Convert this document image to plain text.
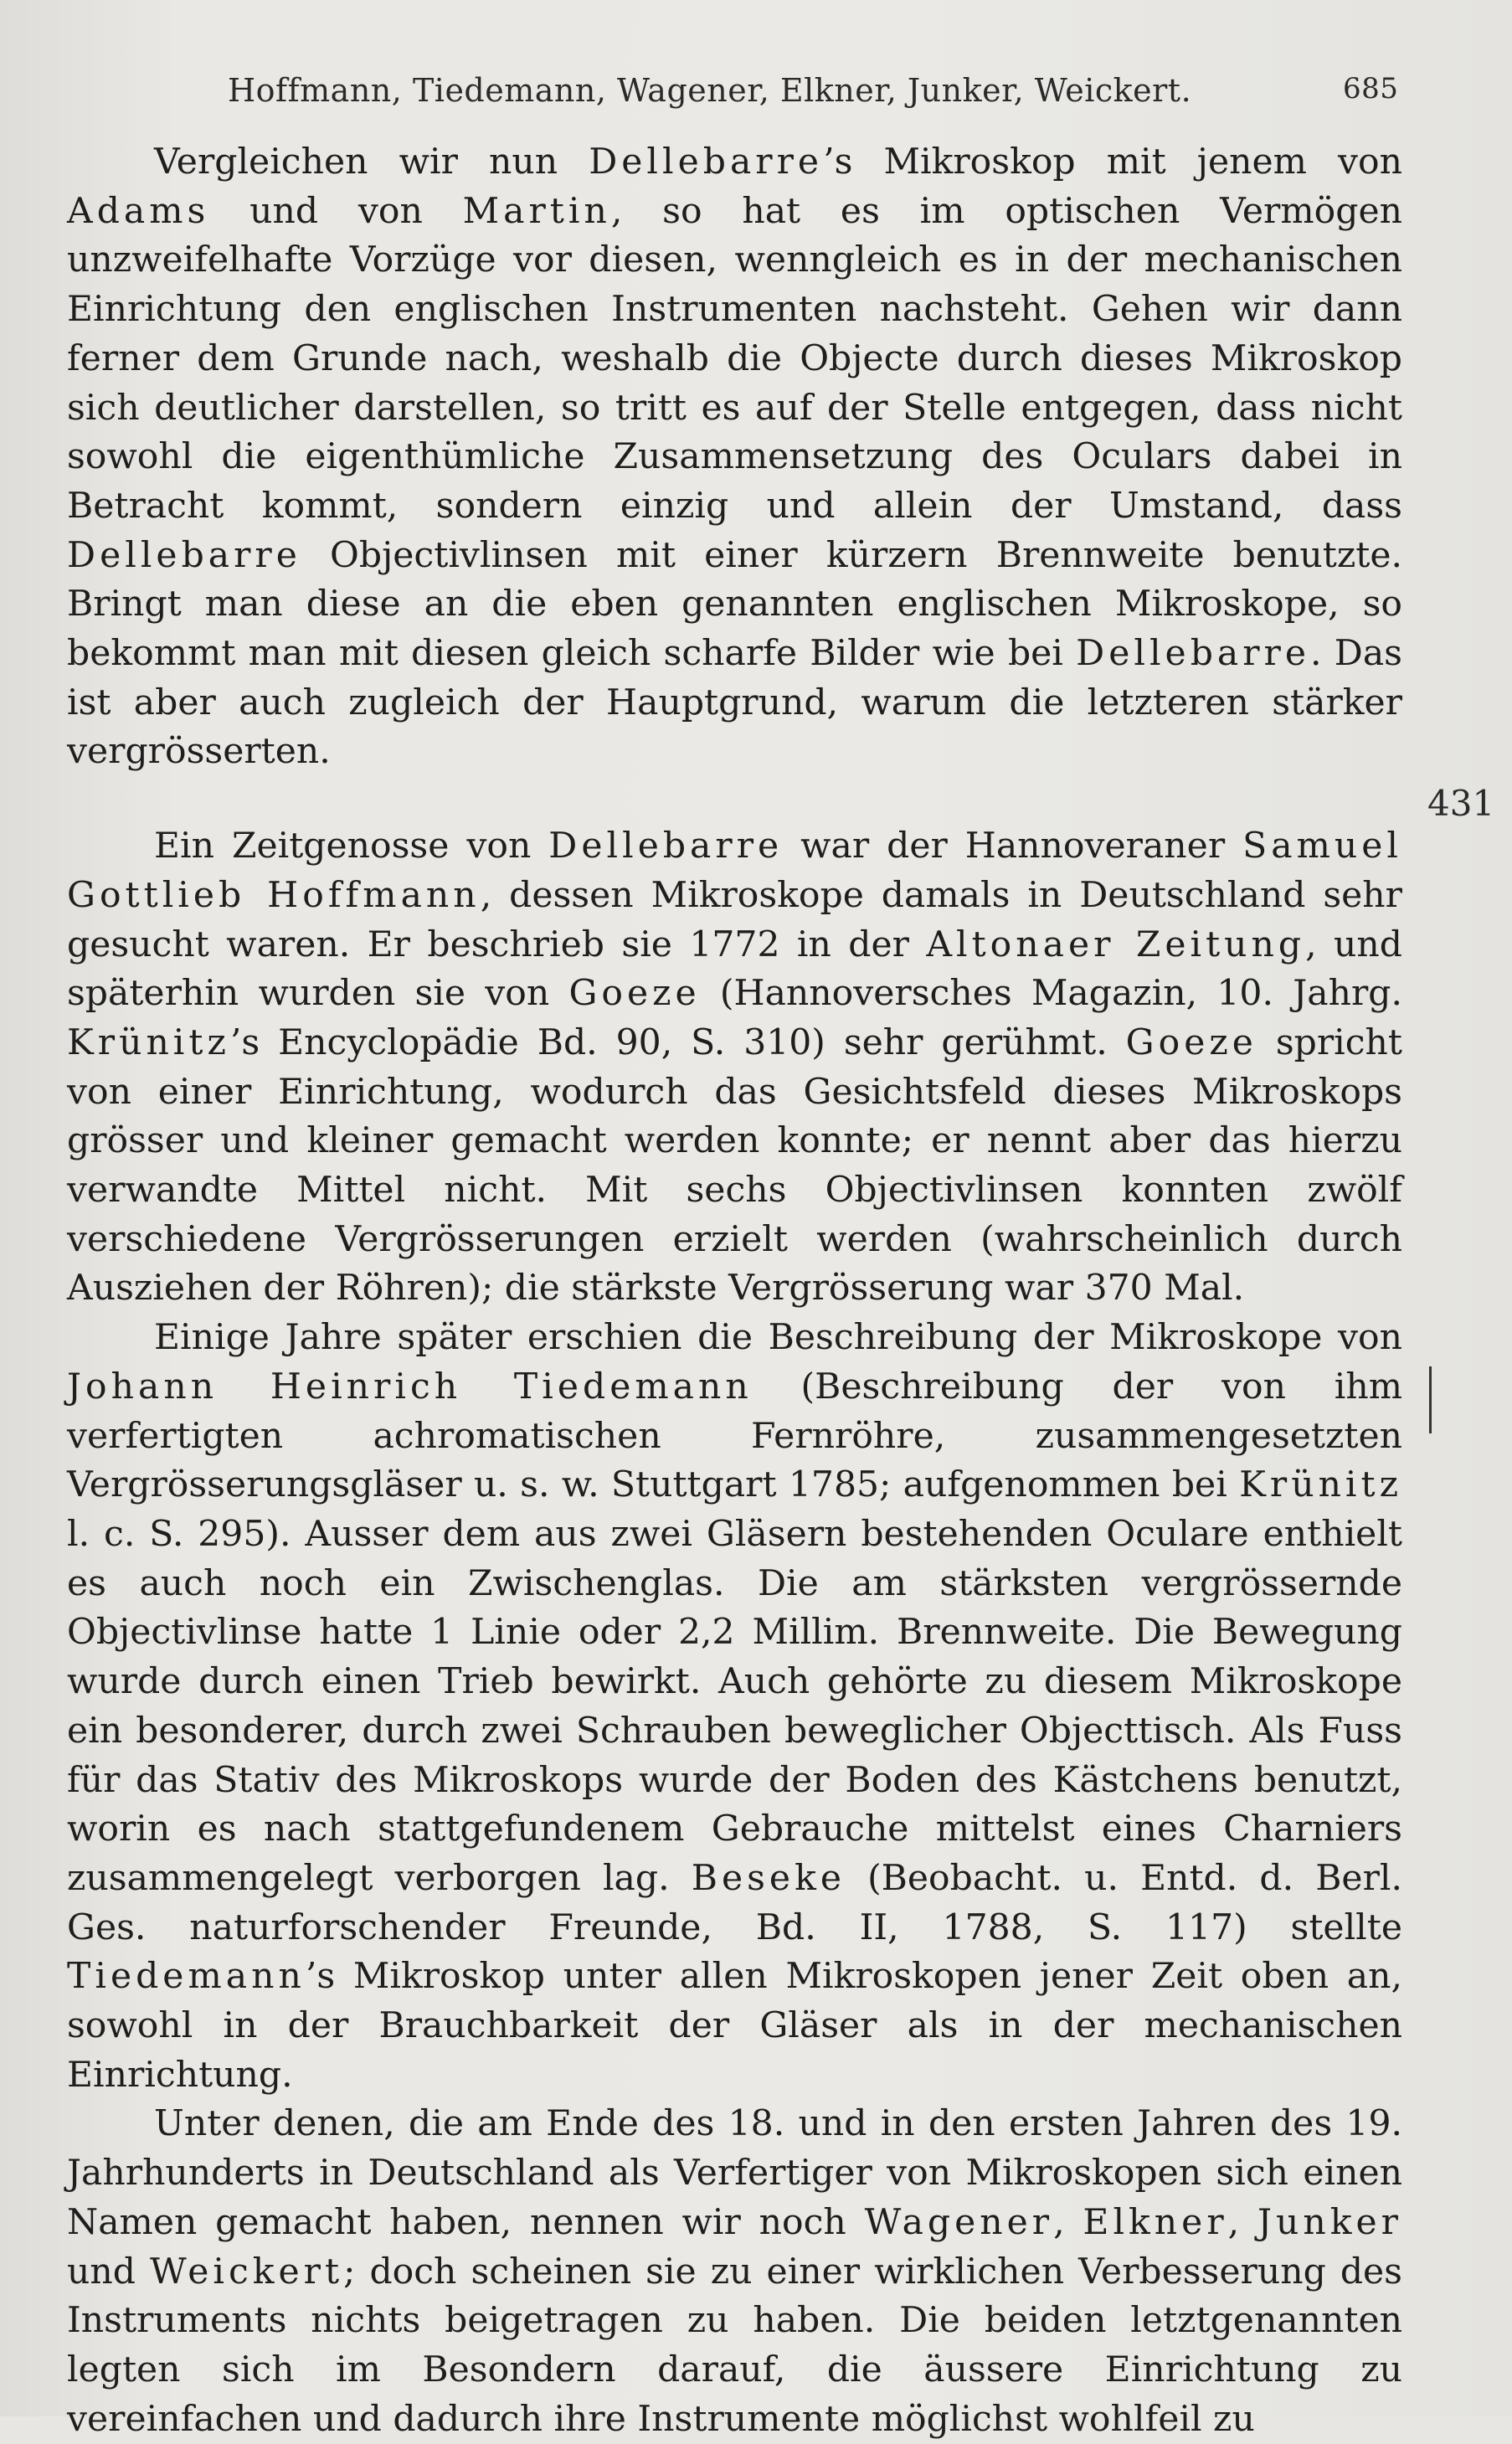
Hoffmann, Tiedemann, Wagener, Elkner, Junker, Weickert.	685
431

Vergleichen wir nun Dellebarre’s Mikroskop mit jenem von Adams und von Martin, so hat es im optischen Vermögen unzweifelhafte Vorzüge vor diesen, wenngleich es in der mechanischen Einrichtung den englischen Instrumenten nachsteht. Gehen wir dann ferner dem Grunde nach, weshalb die Objecte durch dieses Mikroskop sich deutlicher darstellen, so tritt es auf der Stelle entgegen, dass nicht sowohl die eigenthümliche Zusammensetzung des Oculars dabei in Betracht kommt, sondern einzig und allein der Umstand, dass Dellebarre Objectivlinsen mit einer kürzern Brennweite benutzte. Bringt man diese an die eben genannten englischen Mikroskope, so bekommt man mit diesen gleich scharfe Bilder wie bei Dellebarre. Das ist aber auch zugleich der Hauptgrund, warum die letzteren stärker vergrösserten.

Ein Zeitgenosse von Dellebarre war der Hannoveraner Samuel Gottlieb Hoffmann, dessen Mikroskope damals in Deutschland sehr gesucht waren. Er beschrieb sie 1772 in der Altonaer Zeitung, und späterhin wurden sie von Goeze (Hannoversches Magazin, 10. Jahrg. Krünitz’s Encyclopädie Bd. 90, S. 310) sehr gerühmt. Goeze spricht von einer Einrichtung, wodurch das Gesichtsfeld dieses Mikroskops grösser und kleiner gemacht werden konnte; er nennt aber das hierzu verwandte Mittel nicht. Mit sechs Objectivlinsen konnten zwölf verschiedene Vergrösserungen erzielt werden (wahrscheinlich durch Ausziehen der Röhren); die stärkste Vergrösserung war 370 Mal.

Einige Jahre später erschien die Beschreibung der Mikroskope von Johann Heinrich Tiedemann (Beschreibung der von ihm verfertigten achromatischen Fernröhre, zusammengesetzten Vergrösserungsgläser u. s. w. Stuttgart 1785; aufgenommen bei Krünitz l. c. S. 295). Ausser dem aus zwei Gläsern bestehenden Oculare enthielt es auch noch ein Zwischenglas. Die am stärksten vergrössernde Objectivlinse hatte 1 Linie oder 2,2 Millim. Brennweite. Die Bewegung wurde durch einen Trieb bewirkt. Auch gehörte zu diesem Mikroskope ein besonderer, durch zwei Schrauben beweglicher Objecttisch. Als Fuss für das Stativ des Mikroskops wurde der Boden des Kästchens benutzt, worin es nach stattgefundenem Gebrauche mittelst eines Charniers zusammengelegt verborgen lag. Beseke (Beobacht. u. Entd. d. Berl. Ges. naturforschender Freunde, Bd. II, 1788, S. 117) stellte Tiedemann’s Mikroskop unter allen Mikroskopen jener Zeit oben an, sowohl in der Brauchbarkeit der Gläser als in der mechanischen Einrichtung.

Unter denen, die am Ende des 18. und in den ersten Jahren des 19. Jahrhunderts in Deutschland als Verfertiger von Mikroskopen sich einen Namen gemacht haben, nennen wir noch Wagener, Elkner, Junker und Weickert; doch scheinen sie zu einer wirklichen Verbesserung des Instruments nichts beigetragen zu haben. Die beiden letztgenannten legten sich im Besondern darauf, die äussere Einrichtung zu vereinfachen und dadurch ihre Instrumente möglichst wohlfeil zu
